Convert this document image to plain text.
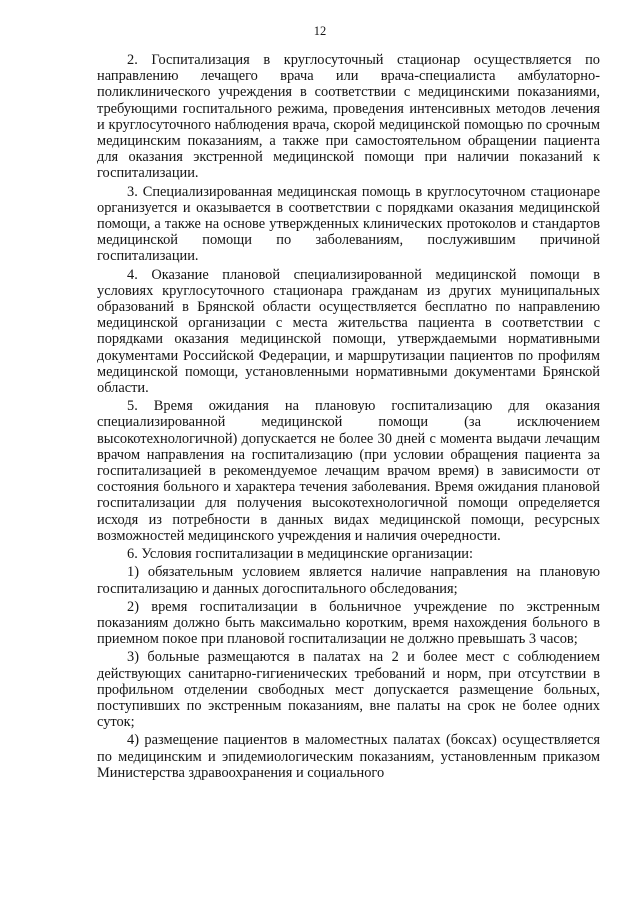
12

2. Госпитализация в круглосуточный стационар осуществляется по направлению лечащего врача или врача-специалиста амбулаторно-поликлинического учреждения в соответствии с медицинскими показаниями, требующими госпитального режима, проведения интенсивных методов лечения и круглосуточного наблюдения врача, скорой медицинской помощью по срочным медицинским показаниям, а также при самостоятельном обращении пациента для оказания экстренной медицинской помощи при наличии показаний к госпитализации.

3. Специализированная медицинская помощь в круглосуточном стационаре организуется и оказывается в соответствии с порядками оказания медицинской помощи, а также на основе утвержденных клинических протоколов и стандартов медицинской помощи по заболеваниям, послужившим причиной госпитализации.

4. Оказание плановой специализированной медицинской помощи в условиях круглосуточного стационара гражданам из других муниципальных образований в Брянской области осуществляется бесплатно по направлению медицинской организации с места жительства пациента в соответствии с порядками оказания медицинской помощи, утверждаемыми нормативными документами Российской Федерации, и маршрутизации пациентов по профилям медицинской помощи, установленными нормативными документами Брянской области.

5. Время ожидания на плановую госпитализацию для оказания специализированной медицинской помощи (за исключением высокотехнологичной) допускается не более 30 дней с момента выдачи лечащим врачом направления на госпитализацию (при условии обращения пациента за госпитализацией в рекомендуемое лечащим врачом время) в зависимости от состояния больного и характера течения заболевания. Время ожидания плановой госпитализации для получения высокотехнологичной помощи определяется исходя из потребности в данных видах медицинской помощи, ресурсных возможностей медицинского учреждения и наличия очередности.

6. Условия госпитализации в медицинские организации:

1) обязательным условием является наличие направления на плановую госпитализацию и данных догоспитального обследования;

2) время госпитализации в больничное учреждение по экстренным показаниям должно быть максимально коротким, время нахождения больного в приемном покое при плановой госпитализации не должно превышать 3 часов;

3) больные размещаются в палатах на 2 и более мест с соблюдением действующих санитарно-гигиенических требований и норм, при отсутствии в профильном отделении свободных мест допускается размещение больных, поступивших по экстренным показаниям, вне палаты на срок не более одних суток;

4) размещение пациентов в маломестных палатах (боксах) осуществляется по медицинским и эпидемиологическим показаниям, установленным приказом Министерства здравоохранения и социального
